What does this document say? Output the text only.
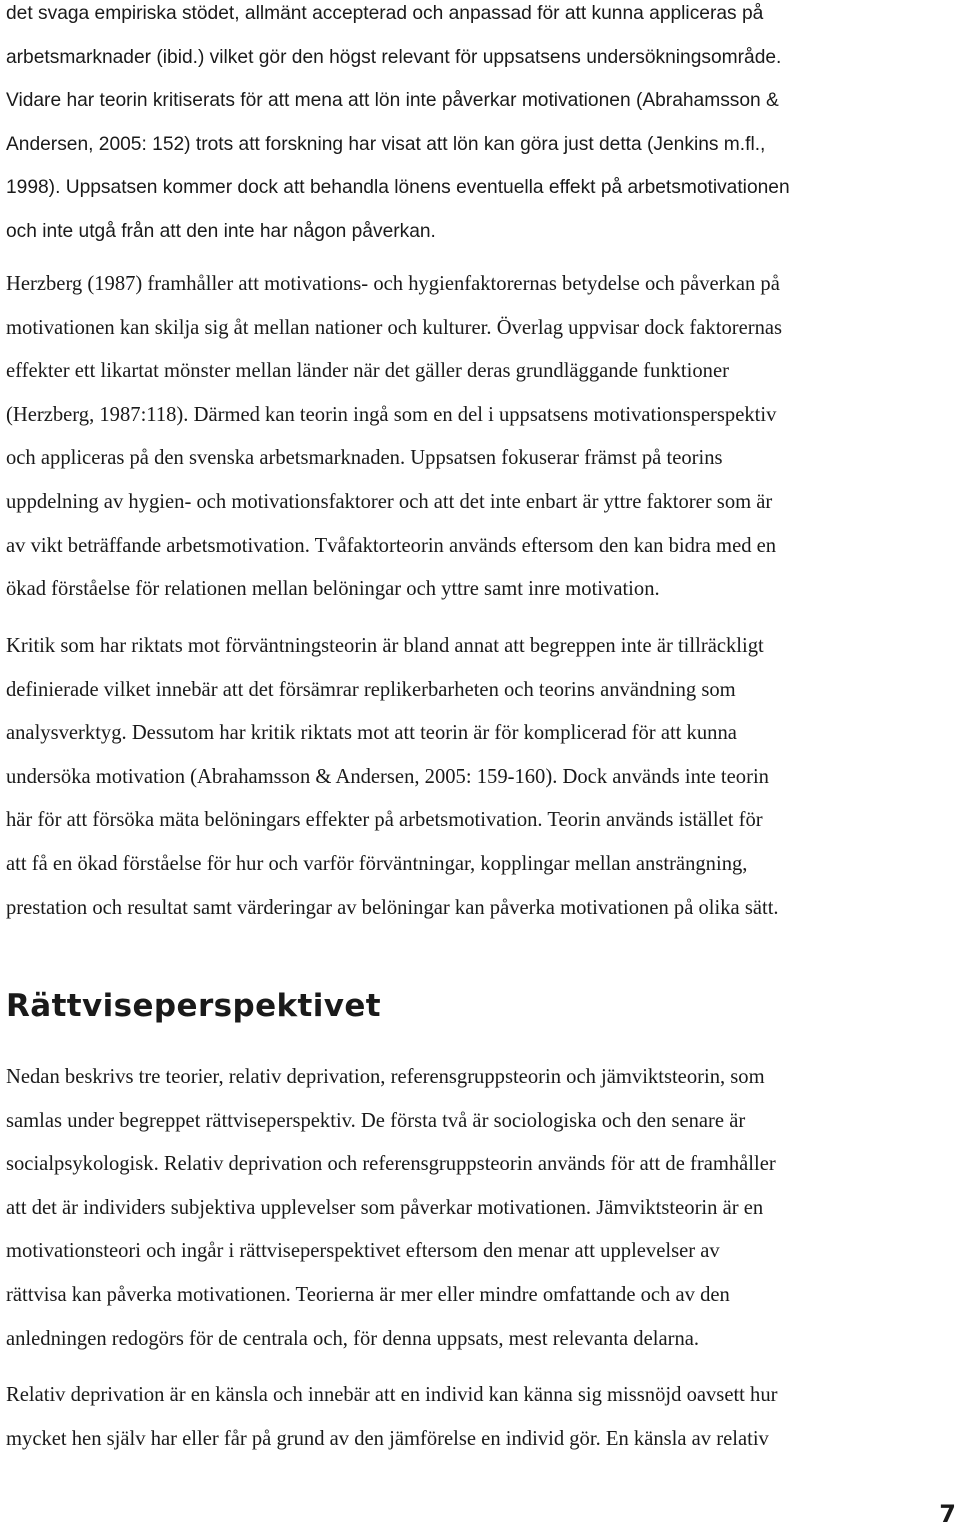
det svaga empiriska stödet, allmänt accepterad och anpassad för att kunna appliceras på
arbetsmarknader (ibid.) vilket gör den högst relevant för uppsatsens undersökningsområde.
Vidare har teorin kritiserats för att mena att lön inte påverkar motivationen (Abrahamsson &
Andersen, 2005: 152) trots att forskning har visat att lön kan göra just detta (Jenkins m.fl.,
1998). Uppsatsen kommer dock att behandla lönens eventuella effekt på arbetsmotivationen
och inte utgå från att den inte har någon påverkan.

Herzberg (1987) framhåller att motivations- och hygienfaktorernas betydelse och påverkan på
motivationen kan skilja sig åt mellan nationer och kulturer. Överlag uppvisar dock faktorernas
effekter ett likartat mönster mellan länder när det gäller deras grundläggande funktioner
(Herzberg, 1987:118). Därmed kan teorin ingå som en del i uppsatsens motivationsperspektiv
och appliceras på den svenska arbetsmarknaden. Uppsatsen fokuserar främst på teorins
uppdelning av hygien- och motivationsfaktorer och att det inte enbart är yttre faktorer som är
av vikt beträffande arbetsmotivation. Tvåfaktorteorin används eftersom den kan bidra med en
ökad förståelse för relationen mellan belöningar och yttre samt inre motivation.

Kritik som har riktats mot förväntningsteorin är bland annat att begreppen inte är tillräckligt
definierade vilket innebär att det försämrar replikerbarheten och teorins användning som
analysverktyg. Dessutom har kritik riktats mot att teorin är för komplicerad för att kunna
undersöka motivation (Abrahamsson & Andersen, 2005: 159-160). Dock används inte teorin
här för att försöka mäta belöningars effekter på arbetsmotivation. Teorin används istället för
att få en ökad förståelse för hur och varför förväntningar, kopplingar mellan ansträngning,
prestation och resultat samt värderingar av belöningar kan påverka motivationen på olika sätt.

Rättviseperspektivet

Nedan beskrivs tre teorier, relativ deprivation, referensgruppsteorin och jämviktsteorin, som
samlas under begreppet rättviseperspektiv. De första två är sociologiska och den senare är
socialpsykologisk. Relativ deprivation och referensgruppsteorin används för att de framhåller
att det är individers subjektiva upplevelser som påverkar motivationen. Jämviktsteorin är en
motivationsteori och ingår i rättviseperspektivet eftersom den menar att upplevelser av
rättvisa kan påverka motivationen. Teorierna är mer eller mindre omfattande och av den
anledningen redogörs för de centrala och, för denna uppsats, mest relevanta delarna.

Relativ deprivation är en känsla och innebär att en individ kan känna sig missnöjd oavsett hur
mycket hen själv har eller får på grund av den jämförelse en individ gör. En känsla av relativ

7
